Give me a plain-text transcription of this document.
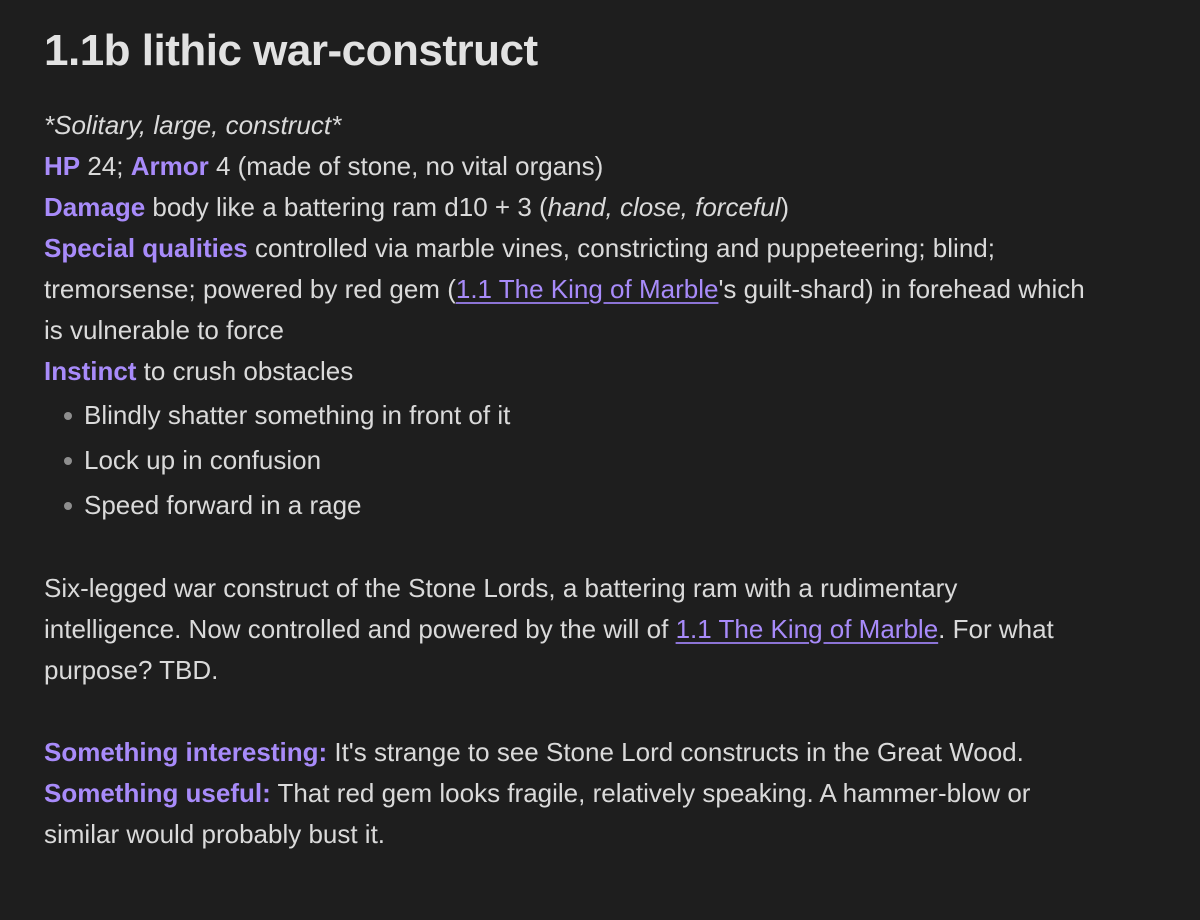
1.1b lithic war-construct
*Solitary, large, construct*
HP 24; Armor 4 (made of stone, no vital organs)
Damage body like a battering ram d10 + 3 (hand, close, forceful)
Special qualities controlled via marble vines, constricting and puppeteering; blind;
tremorsense; powered by red gem (1.1 The King of Marble's guilt-shard) in forehead which
is vulnerable to force
Instinct to crush obstacles
Blindly shatter something in front of it
Lock up in confusion
Speed forward in a rage
Six-legged war construct of the Stone Lords, a battering ram with a rudimentary
intelligence. Now controlled and powered by the will of 1.1 The King of Marble. For what
purpose? TBD.
Something interesting: It's strange to see Stone Lord constructs in the Great Wood.
Something useful: That red gem looks fragile, relatively speaking. A hammer-blow or
similar would probably bust it.
